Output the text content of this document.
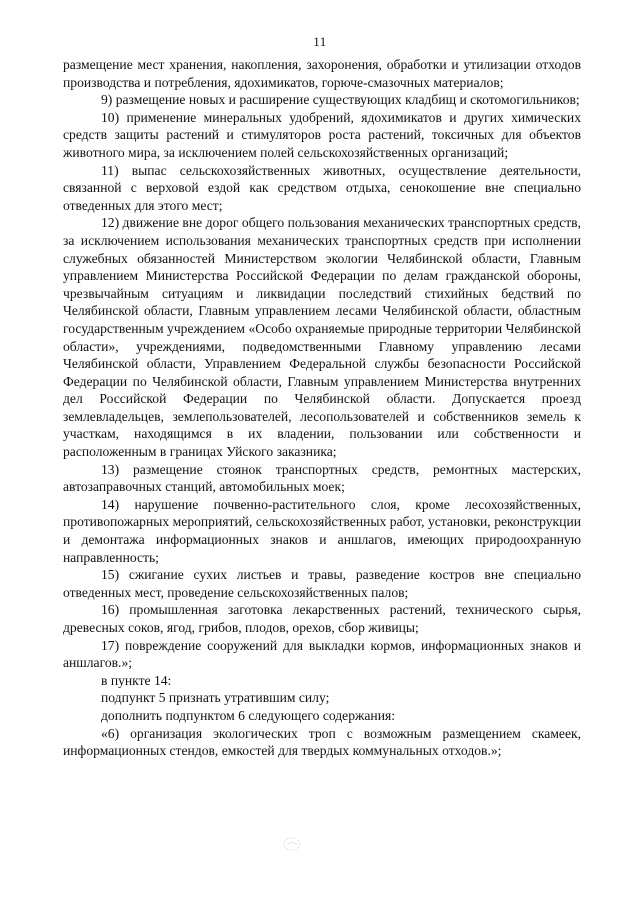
11

размещение мест хранения, накопления, захоронения, обработки и утилизации отходов производства и потребления, ядохимикатов, горюче-смазочных материалов;

9) размещение новых и расширение существующих кладбищ и скотомогильников;

10) применение минеральных удобрений, ядохимикатов и других химических средств защиты растений и стимуляторов роста растений, токсичных для объектов животного мира, за исключением полей сельскохозяйственных организаций;

11) выпас сельскохозяйственных животных, осуществление деятельности, связанной с верховой ездой как средством отдыха, сенокошение вне специально отведенных для этого мест;

12) движение вне дорог общего пользования механических транспортных средств, за исключением использования механических транспортных средств при исполнении служебных обязанностей Министерством экологии Челябинской области, Главным управлением Министерства Российской Федерации по делам гражданской обороны, чрезвычайным ситуациям и ликвидации последствий стихийных бедствий по Челябинской области, Главным управлением лесами Челябинской области, областным государственным учреждением «Особо охраняемые природные территории Челябинской области», учреждениями, подведомственными Главному управлению лесами Челябинской области, Управлением Федеральной службы безопасности Российской Федерации по Челябинской области, Главным управлением Министерства внутренних дел Российской Федерации по Челябинской области. Допускается проезд землевладельцев, землепользователей, лесопользователей и собственников земель к участкам, находящимся в их владении, пользовании или собственности и расположенным в границах Уйского заказника;

13) размещение стоянок транспортных средств, ремонтных мастерских, автозаправочных станций, автомобильных моек;

14) нарушение почвенно-растительного слоя, кроме лесохозяйственных, противопожарных мероприятий, сельскохозяйственных работ, установки, реконструкции и демонтажа информационных знаков и аншлагов, имеющих природоохранную направленность;

15) сжигание сухих листьев и травы, разведение костров вне специально отведенных мест, проведение сельскохозяйственных палов;

16) промышленная заготовка лекарственных растений, технического сырья, древесных соков, ягод, грибов, плодов, орехов, сбор живицы;

17) повреждение сооружений для выкладки кормов, информационных знаков и аншлагов.»;

в пункте 14:

подпункт 5 признать утратившим силу;

дополнить подпунктом 6 следующего содержания:

«6) организация экологических троп с возможным размещением скамеек, информационных стендов, емкостей для твердых коммунальных отходов.»;
